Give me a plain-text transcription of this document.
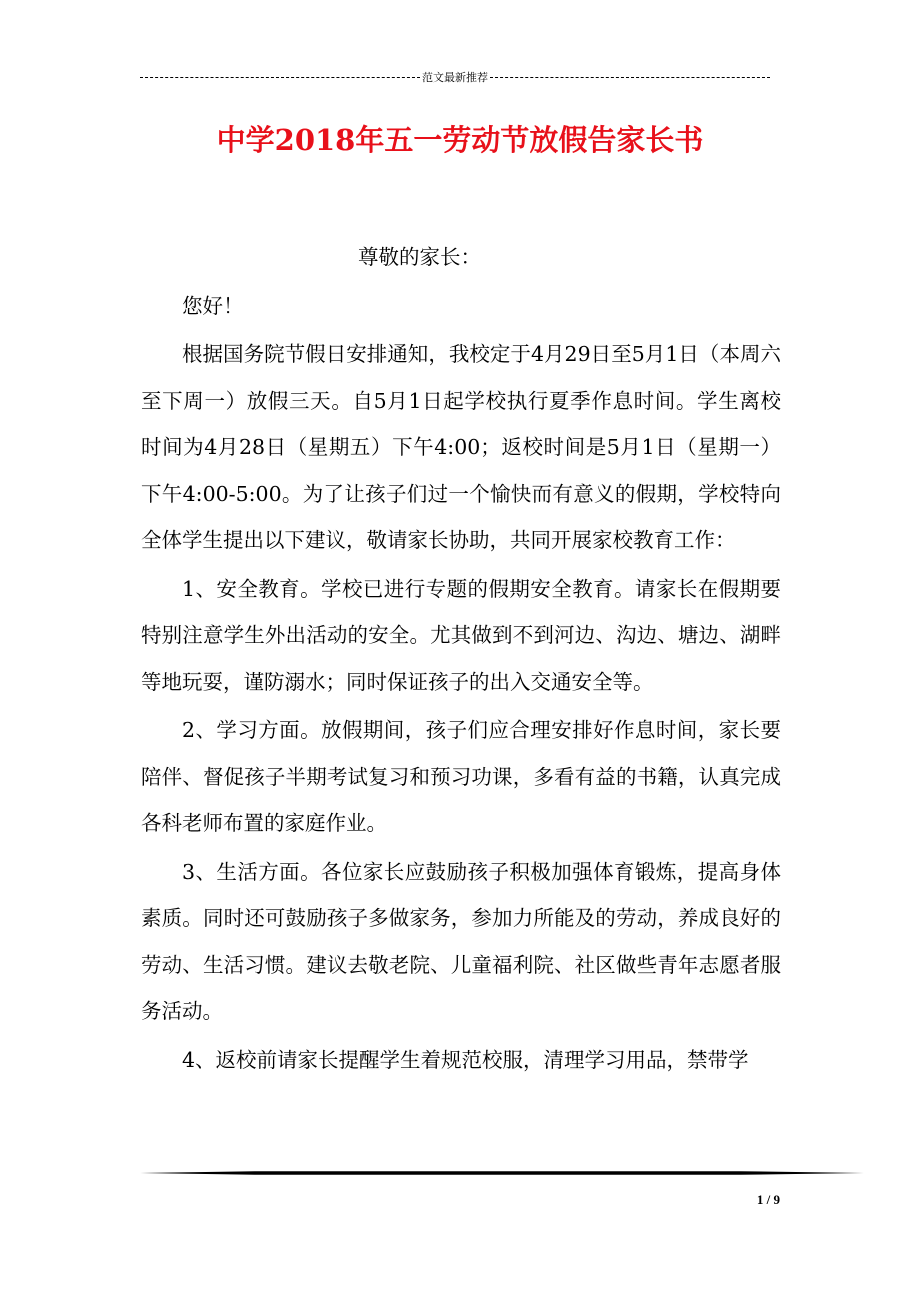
范文最新推荐
中学2018年五一劳动节放假告家长书

尊敬的家长：

您好！

根据国务院节假日安排通知，我校定于4月29日至5月1日（本周六至下周一）放假三天。自5月1日起学校执行夏季作息时间。学生离校时间为4月28日（星期五）下午4:00；返校时间是5月1日（星期一）下午4:00-5:00。为了让孩子们过一个愉快而有意义的假期，学校特向全体学生提出以下建议，敬请家长协助，共同开展家校教育工作：

1、安全教育。学校已进行专题的假期安全教育。请家长在假期要特别注意学生外出活动的安全。尤其做到不到河边、沟边、塘边、湖畔等地玩耍，谨防溺水；同时保证孩子的出入交通安全等。

2、学习方面。放假期间，孩子们应合理安排好作息时间，家长要陪伴、督促孩子半期考试复习和预习功课，多看有益的书籍，认真完成各科老师布置的家庭作业。

3、生活方面。各位家长应鼓励孩子积极加强体育锻炼，提高身体素质。同时还可鼓励孩子多做家务，参加力所能及的劳动，养成良好的劳动、生活习惯。建议去敬老院、儿童福利院、社区做些青年志愿者服务活动。

4、返校前请家长提醒学生着规范校服，清理学习用品，禁带学

1 / 9
